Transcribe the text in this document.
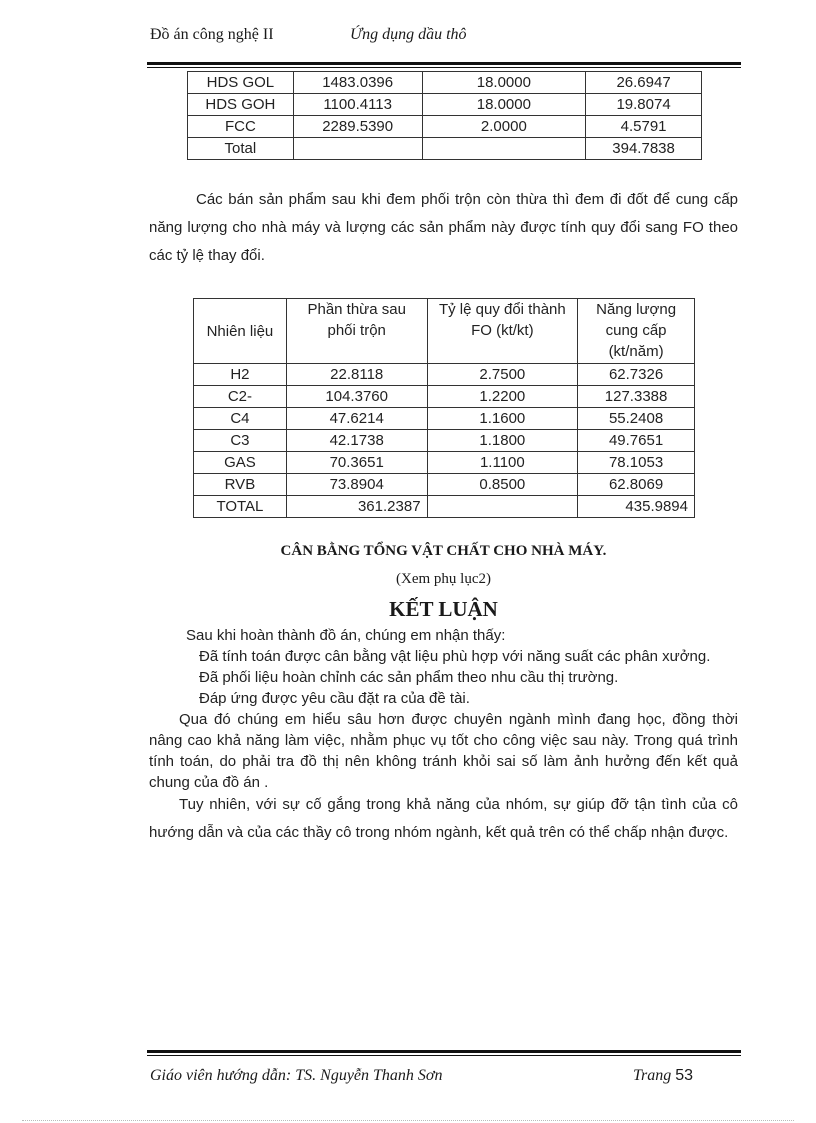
Đồ án công nghệ II	Ứng dụng dầu thô
HDS GOL	1483.0396	18.0000	26.6947
HDS GOH	1100.4113	18.0000	19.8074
FCC	2289.5390	2.0000	4.5791
Total			394.7838
Các bán sản phẩm sau khi đem phối trộn còn thừa thì đem đi đốt để cung cấp năng lượng cho nhà máy và lượng các sản phẩm này được tính quy đổi sang FO theo các tỷ lệ thay đổi.
Nhiên liệu	Phần thừa sau phối trộn	Tỷ lệ quy đổi thành FO (kt/kt)	Năng lượng cung cấp (kt/năm)
H2	22.8118	2.7500	62.7326
C2-	104.3760	1.2200	127.3388
C4	47.6214	1.1600	55.2408
C3	42.1738	1.1800	49.7651
GAS	70.3651	1.1100	78.1053
RVB	73.8904	0.8500	62.8069
TOTAL	361.2387		435.9894
CÂN BẰNG TỔNG VẬT CHẤT CHO NHÀ MÁY.
(Xem phụ lục2)
KẾT LUẬN
Sau khi hoàn thành đồ án, chúng em nhận thấy:
Đã tính toán được cân bằng vật liệu phù hợp với năng suất các phân xưởng.
Đã phối liệu hoàn chỉnh các sản phẩm theo nhu cầu thị trường.
Đáp ứng được yêu cầu đặt ra của đề tài.
Qua đó chúng em hiểu sâu hơn được chuyên ngành mình đang học, đồng thời nâng cao khả năng làm việc, nhằm phục vụ tốt cho công việc sau này. Trong quá trình tính toán, do phải tra đồ thị nên không tránh khỏi sai số làm ảnh hưởng đến kết quả chung của đồ án .
Tuy nhiên, với sự cố gắng trong khả năng của nhóm, sự giúp đỡ tận tình của cô hướng dẫn và của các thầy cô trong nhóm ngành, kết quả trên có thể chấp nhận được.
Giáo viên hướng dẫn: TS. Nguyễn Thanh Sơn	Trang 53
